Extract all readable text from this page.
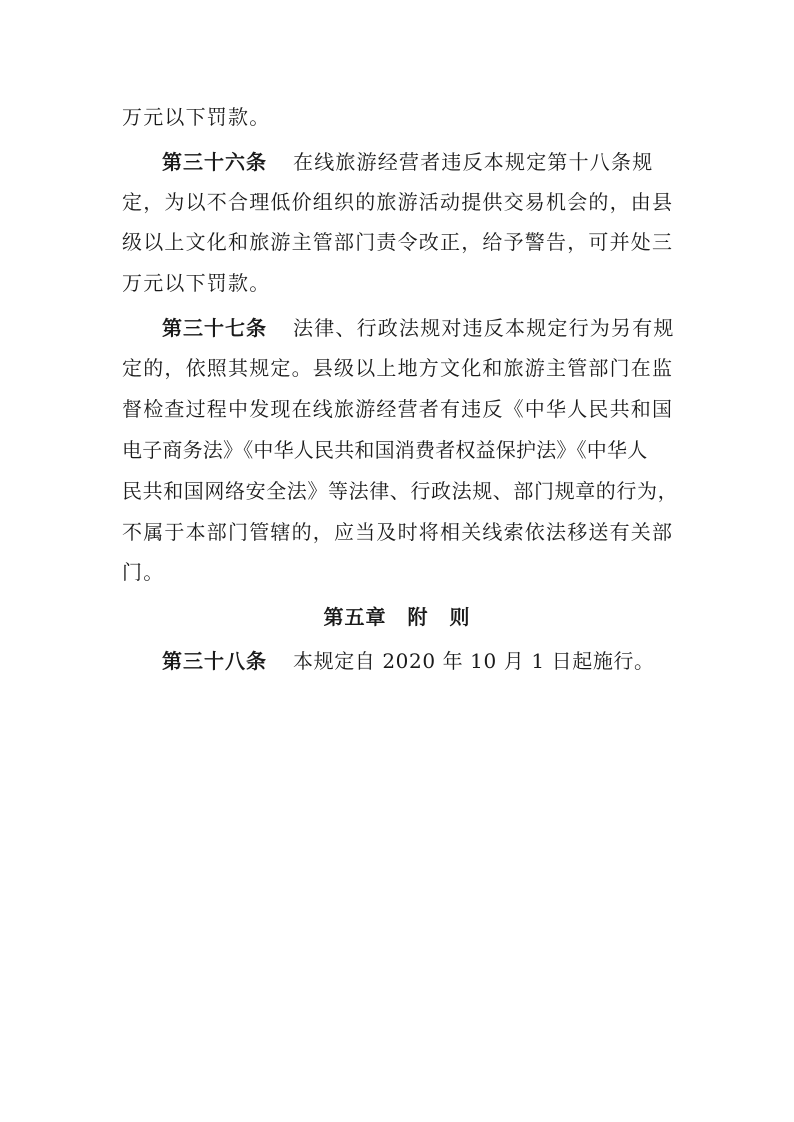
万元以下罚款。
第三十六条 在线旅游经营者违反本规定第十八条规
定，为以不合理低价组织的旅游活动提供交易机会的，由县
级以上文化和旅游主管部门责令改正，给予警告，可并处三
万元以下罚款。
第三十七条 法律、行政法规对违反本规定行为另有规
定的，依照其规定。县级以上地方文化和旅游主管部门在监
督检查过程中发现在线旅游经营者有违反《中华人民共和国
电子商务法》《中华人民共和国消费者权益保护法》《中华人
民共和国网络安全法》等法律、行政法规、部门规章的行为，
不属于本部门管辖的，应当及时将相关线索依法移送有关部
门。
第五章　附　则
第三十八条 本规定自 2020 年 10 月 1 日起施行。
